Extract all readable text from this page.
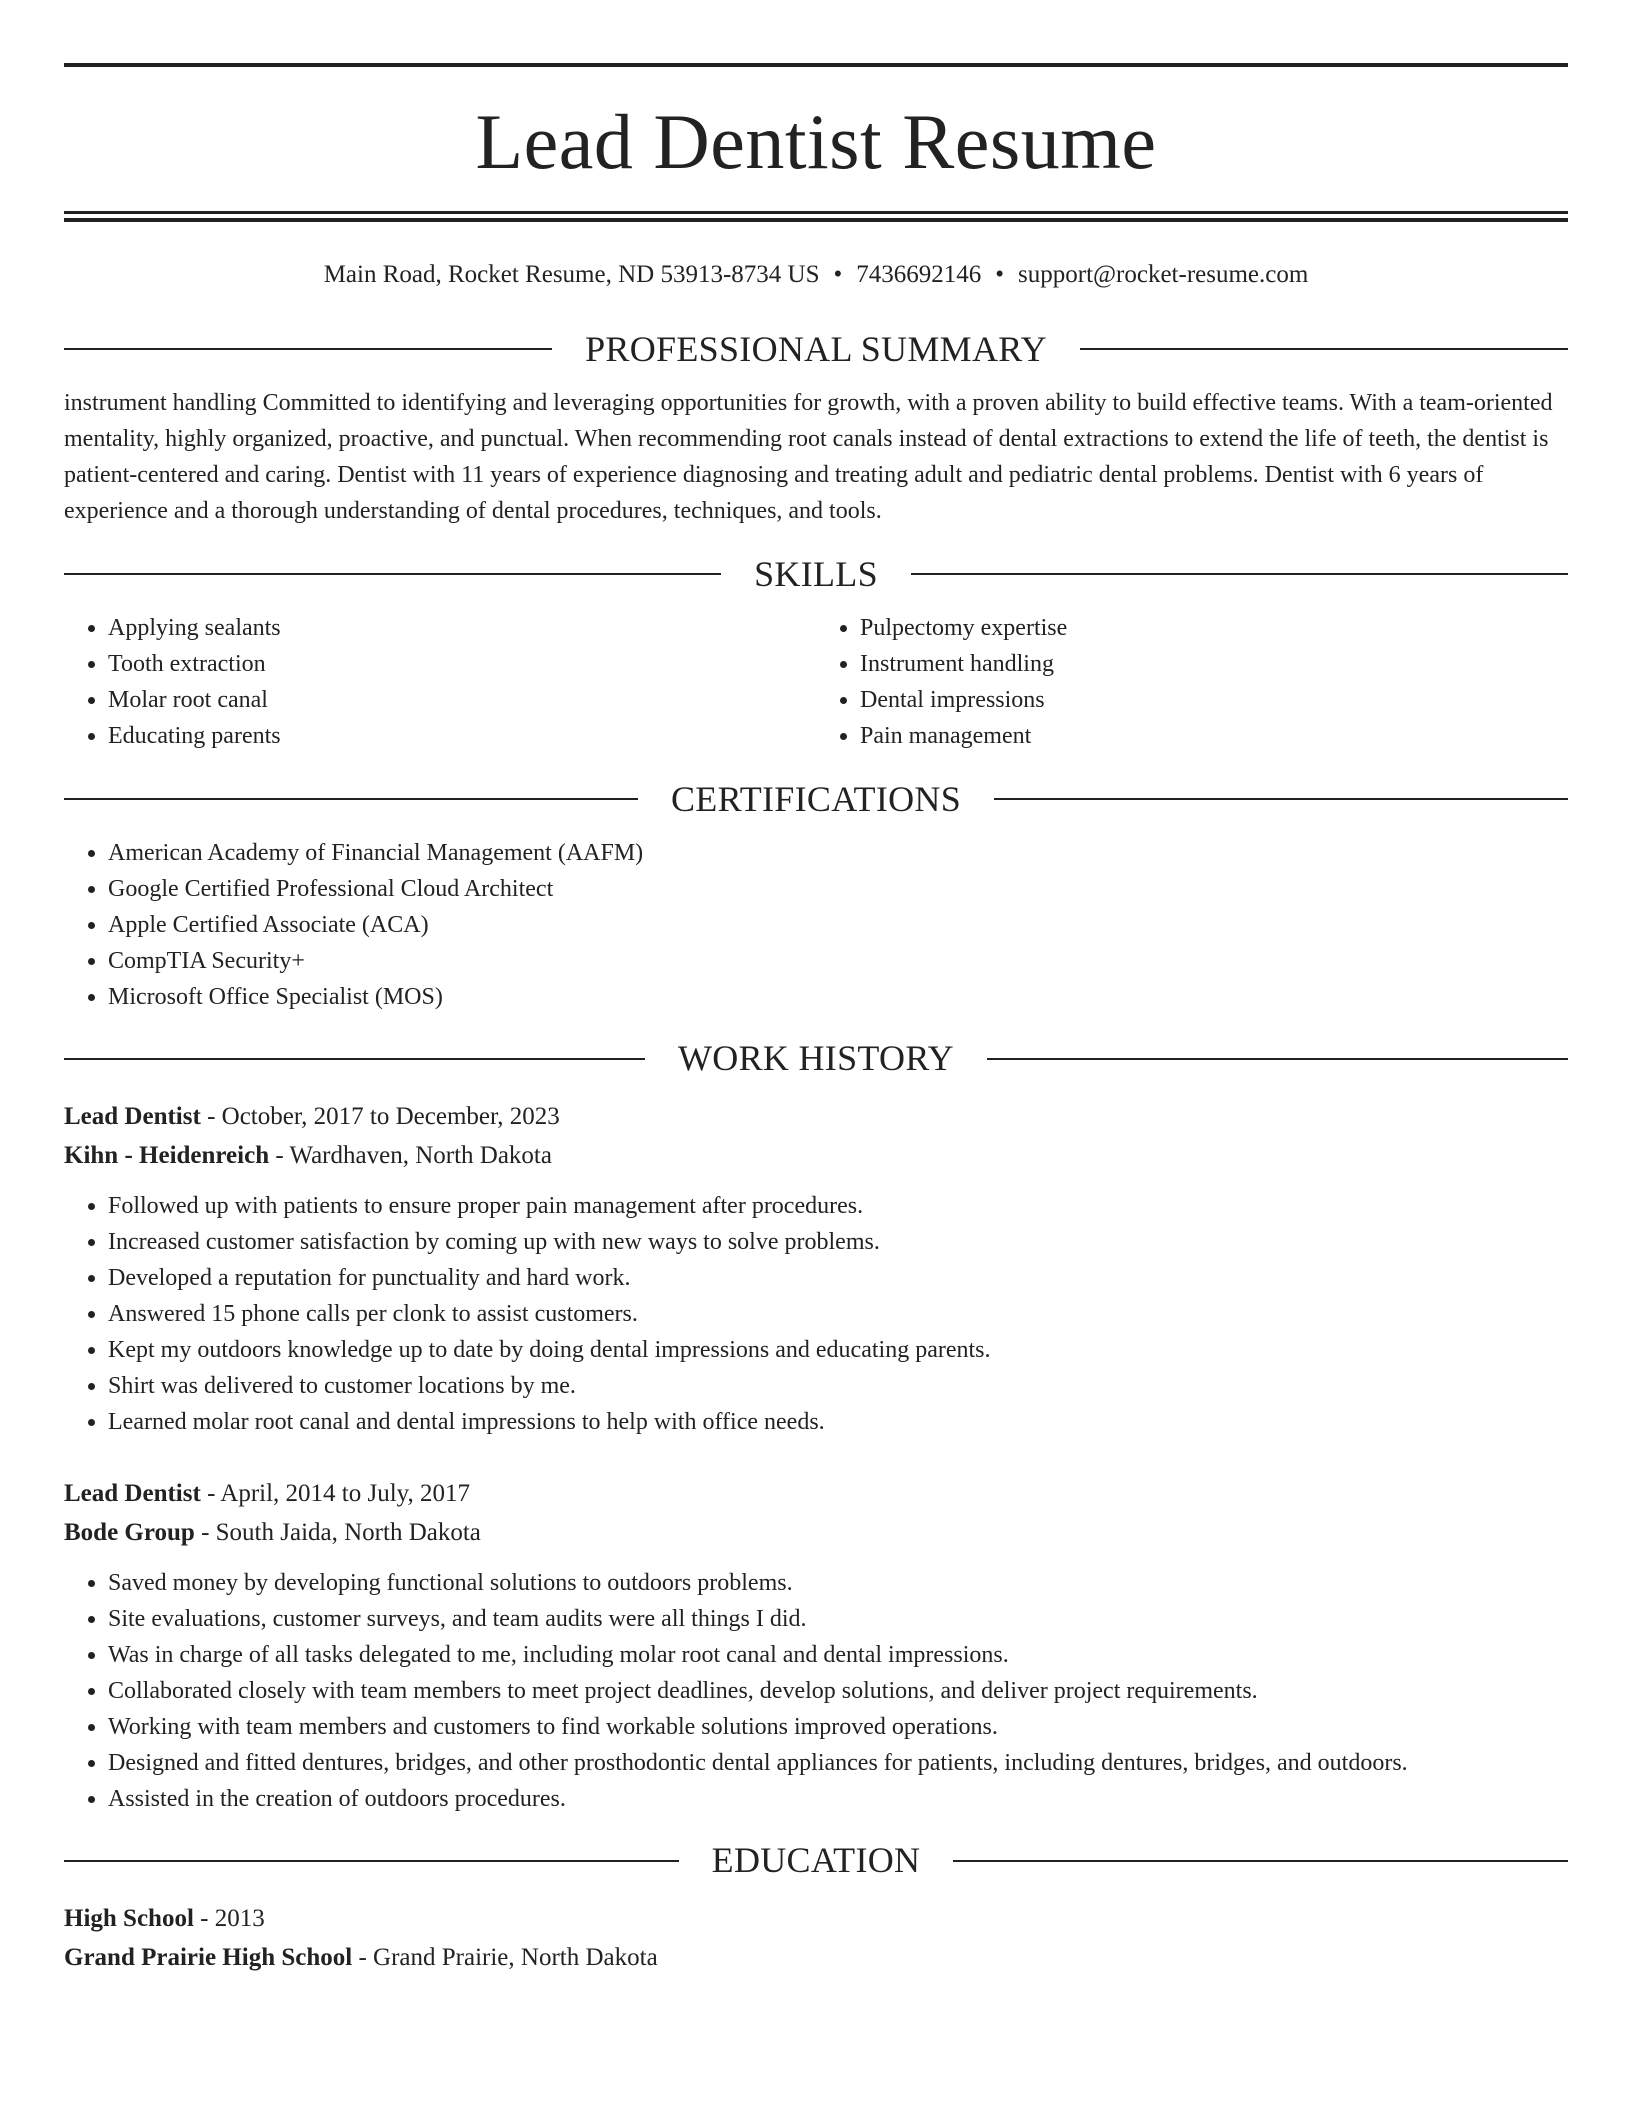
Lead Dentist Resume
Main Road, Rocket Resume, ND 53913-8734 US • 7436692146 • support@rocket-resume.com
PROFESSIONAL SUMMARY

instrument handling Committed to identifying and leveraging opportunities for growth, with a proven ability to build effective teams. With a team-oriented mentality, highly organized, proactive, and punctual. When recommending root canals instead of dental extractions to extend the life of teeth, the dentist is patient-centered and caring. Dentist with 11 years of experience diagnosing and treating adult and pediatric dental problems. Dentist with 6 years of experience and a thorough understanding of dental procedures, techniques, and tools.

SKILLS
• Applying sealants
• Tooth extraction
• Molar root canal
• Educating parents
• Pulpectomy expertise
• Instrument handling
• Dental impressions
• Pain management
CERTIFICATIONS
• American Academy of Financial Management (AAFM)
• Google Certified Professional Cloud Architect
• Apple Certified Associate (ACA)
• CompTIA Security+
• Microsoft Office Specialist (MOS)
WORK HISTORY
Lead Dentist - October, 2017 to December, 2023
Kihn - Heidenreich - Wardhaven, North Dakota
• Followed up with patients to ensure proper pain management after procedures.
• Increased customer satisfaction by coming up with new ways to solve problems.
• Developed a reputation for punctuality and hard work.
• Answered 15 phone calls per clonk to assist customers.
• Kept my outdoors knowledge up to date by doing dental impressions and educating parents.
• Shirt was delivered to customer locations by me.
• Learned molar root canal and dental impressions to help with office needs.
Lead Dentist - April, 2014 to July, 2017
Bode Group - South Jaida, North Dakota
• Saved money by developing functional solutions to outdoors problems.
• Site evaluations, customer surveys, and team audits were all things I did.
• Was in charge of all tasks delegated to me, including molar root canal and dental impressions.
• Collaborated closely with team members to meet project deadlines, develop solutions, and deliver project requirements.
• Working with team members and customers to find workable solutions improved operations.
• Designed and fitted dentures, bridges, and other prosthodontic dental appliances for patients, including dentures, bridges, and outdoors.
• Assisted in the creation of outdoors procedures.
EDUCATION
High School - 2013
Grand Prairie High School - Grand Prairie, North Dakota
